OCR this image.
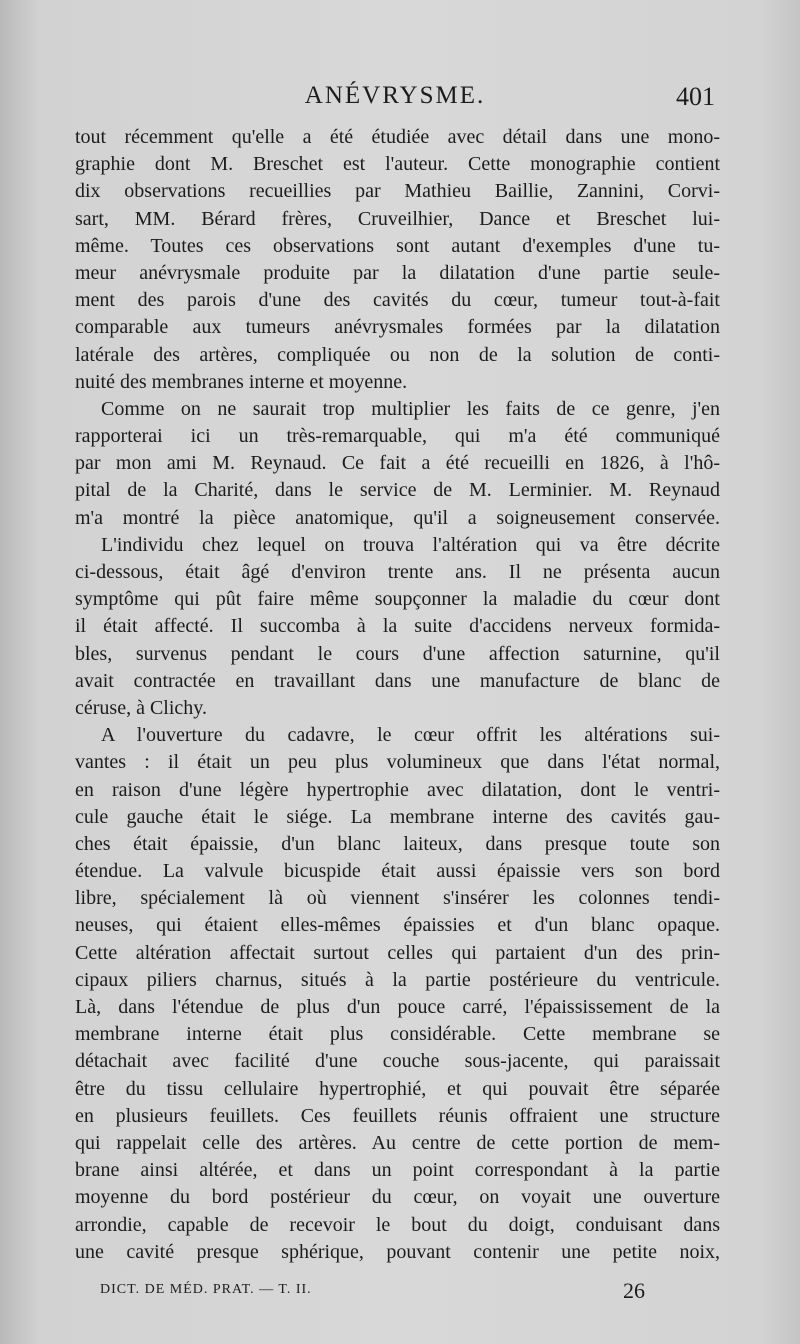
ANÉVRYSME.	401
tout récemment qu'elle a été étudiée avec détail dans une mono-
graphie dont M. Breschet est l'auteur. Cette monographie contient
dix observations recueillies par Mathieu Baillie, Zannini, Corvi-
sart, MM. Bérard frères, Cruveilhier, Dance et Breschet lui-
même. Toutes ces observations sont autant d'exemples d'une tu-
meur anévrysmale produite par la dilatation d'une partie seule-
ment des parois d'une des cavités du cœur, tumeur tout-à-fait
comparable aux tumeurs anévrysmales formées par la dilatation
latérale des artères, compliquée ou non de la solution de conti-
nuité des membranes interne et moyenne.
Comme on ne saurait trop multiplier les faits de ce genre, j'en
rapporterai ici un très-remarquable, qui m'a été communiqué
par mon ami M. Reynaud. Ce fait a été recueilli en 1826, à l'hô-
pital de la Charité, dans le service de M. Lerminier. M. Reynaud
m'a montré la pièce anatomique, qu'il a soigneusement conservée.
L'individu chez lequel on trouva l'altération qui va être décrite
ci-dessous, était âgé d'environ trente ans. Il ne présenta aucun
symptôme qui pût faire même soupçonner la maladie du cœur dont
il était affecté. Il succomba à la suite d'accidens nerveux formida-
bles, survenus pendant le cours d'une affection saturnine, qu'il
avait contractée en travaillant dans une manufacture de blanc de
céruse, à Clichy.
A l'ouverture du cadavre, le cœur offrit les altérations sui-
vantes : il était un peu plus volumineux que dans l'état normal,
en raison d'une légère hypertrophie avec dilatation, dont le ventri-
cule gauche était le siége. La membrane interne des cavités gau-
ches était épaissie, d'un blanc laiteux, dans presque toute son
étendue. La valvule bicuspide était aussi épaissie vers son bord
libre, spécialement là où viennent s'insérer les colonnes tendi-
neuses, qui étaient elles-mêmes épaissies et d'un blanc opaque.
Cette altération affectait surtout celles qui partaient d'un des prin-
cipaux piliers charnus, situés à la partie postérieure du ventricule.
Là, dans l'étendue de plus d'un pouce carré, l'épaississement de la
membrane interne était plus considérable. Cette membrane se
détachait avec facilité d'une couche sous-jacente, qui paraissait
être du tissu cellulaire hypertrophié, et qui pouvait être séparée
en plusieurs feuillets. Ces feuillets réunis offraient une structure
qui rappelait celle des artères. Au centre de cette portion de mem-
brane ainsi altérée, et dans un point correspondant à la partie
moyenne du bord postérieur du cœur, on voyait une ouverture
arrondie, capable de recevoir le bout du doigt, conduisant dans
une cavité presque sphérique, pouvant contenir une petite noix,
DICT. DE MÉD. PRAT. — T. II.	26
